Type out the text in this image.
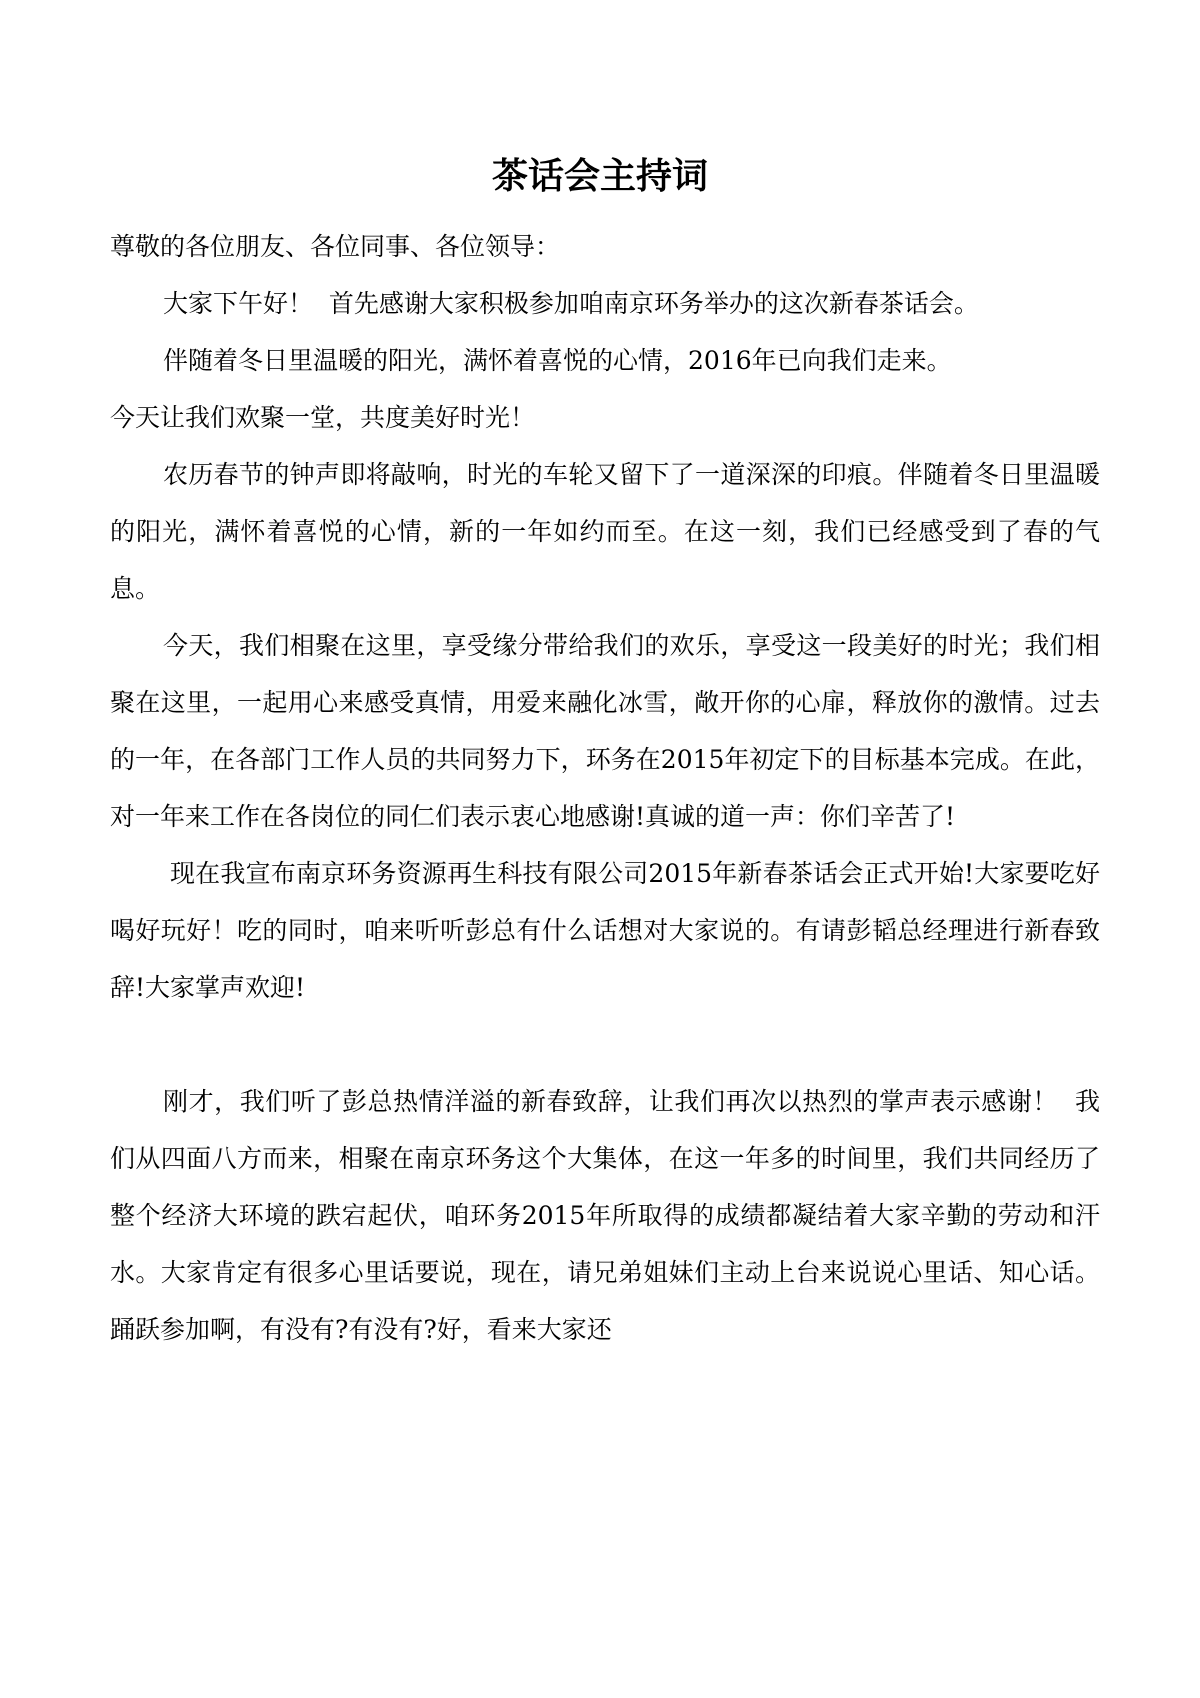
茶话会主持词

尊敬的各位朋友、各位同事、各位领导：

大家下午好！  首先感谢大家积极参加咱南京环务举办的这次新春茶话会。

伴随着冬日里温暖的阳光，满怀着喜悦的心情，2016年已向我们走来。

今天让我们欢聚一堂，共度美好时光！

农历春节的钟声即将敲响，时光的车轮又留下了一道深深的印痕。伴随着冬日里温暖的阳光，满怀着喜悦的心情，新的一年如约而至。在这一刻，我们已经感受到了春的气息。

今天，我们相聚在这里，享受缘分带给我们的欢乐，享受这一段美好的时光；我们相聚在这里，一起用心来感受真情，用爱来融化冰雪，敞开你的心扉，释放你的激情。过去的一年，在各部门工作人员的共同努力下，环务在2015年初定下的目标基本完成。在此，对一年来工作在各岗位的同仁们表示衷心地感谢!真诚的道一声：你们辛苦了!

现在我宣布南京环务资源再生科技有限公司2015年新春茶话会正式开始!大家要吃好喝好玩好！吃的同时，咱来听听彭总有什么话想对大家说的。有请彭韬总经理进行新春致辞!大家掌声欢迎!

刚才，我们听了彭总热情洋溢的新春致辞，让我们再次以热烈的掌声表示感谢！  我们从四面八方而来，相聚在南京环务这个大集体，在这一年多的时间里，我们共同经历了整个经济大环境的跌宕起伏，咱环务2015年所取得的成绩都凝结着大家辛勤的劳动和汗水。大家肯定有很多心里话要说，现在，请兄弟姐妹们主动上台来说说心里话、知心话。踊跃参加啊，有没有?有没有?好，看来大家还
